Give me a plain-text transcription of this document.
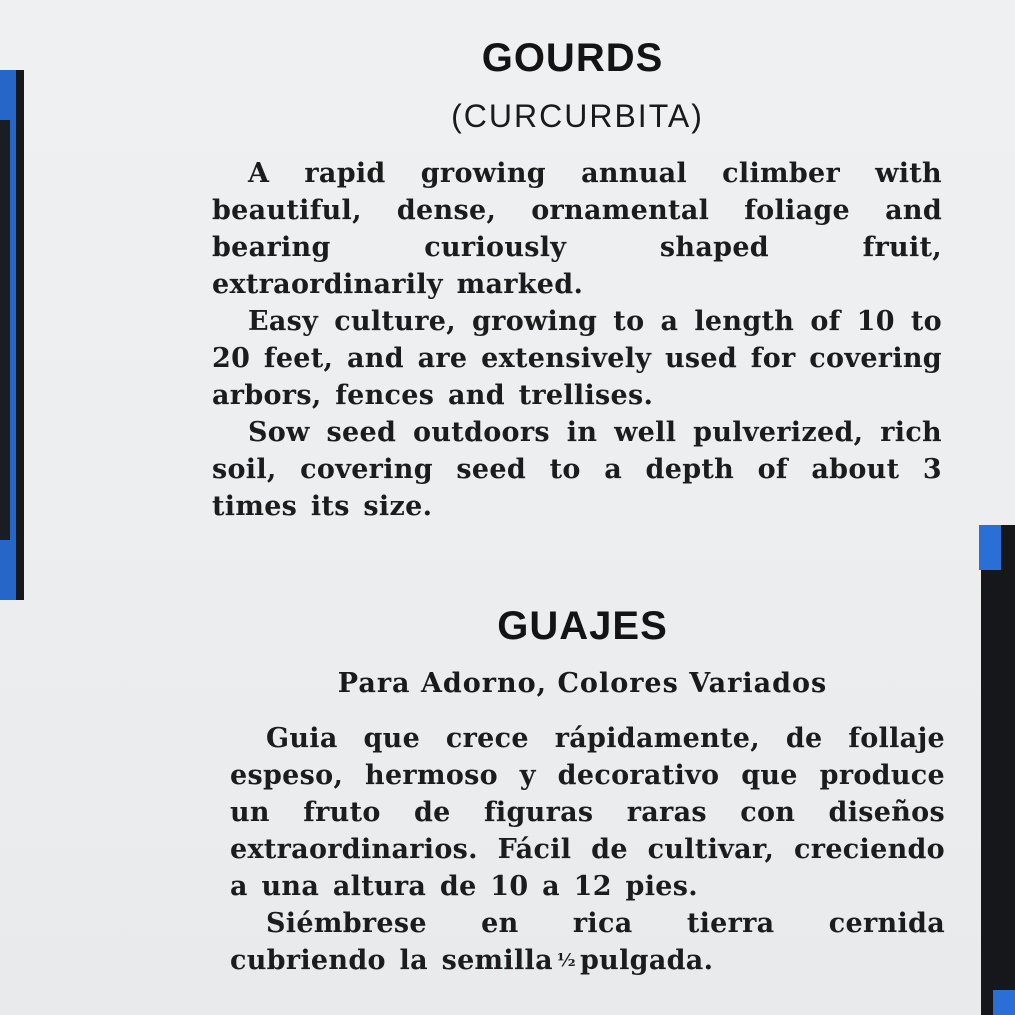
GOURDS
(CURCURBITA)

A rapid growing annual climber with beautiful, dense, ornamental foliage and bearing curiously shaped fruit, extraordinarily marked.

Easy culture, growing to a length of 10 to 20 feet, and are extensively used for covering arbors, fences and trellises.

Sow seed outdoors in well pulverized, rich soil, covering seed to a depth of about 3 times its size.

GUAJES
Para Adorno, Colores Variados

Guia que crece rápidamente, de follaje espeso, hermoso y decorativo que produce un fruto de figuras raras con diseños extraordinarios. Fácil de cultivar, creciendo a una altura de 10 a 12 pies.

Siémbrese en rica tierra cernida cubriendo la semilla ½ pulgada.
